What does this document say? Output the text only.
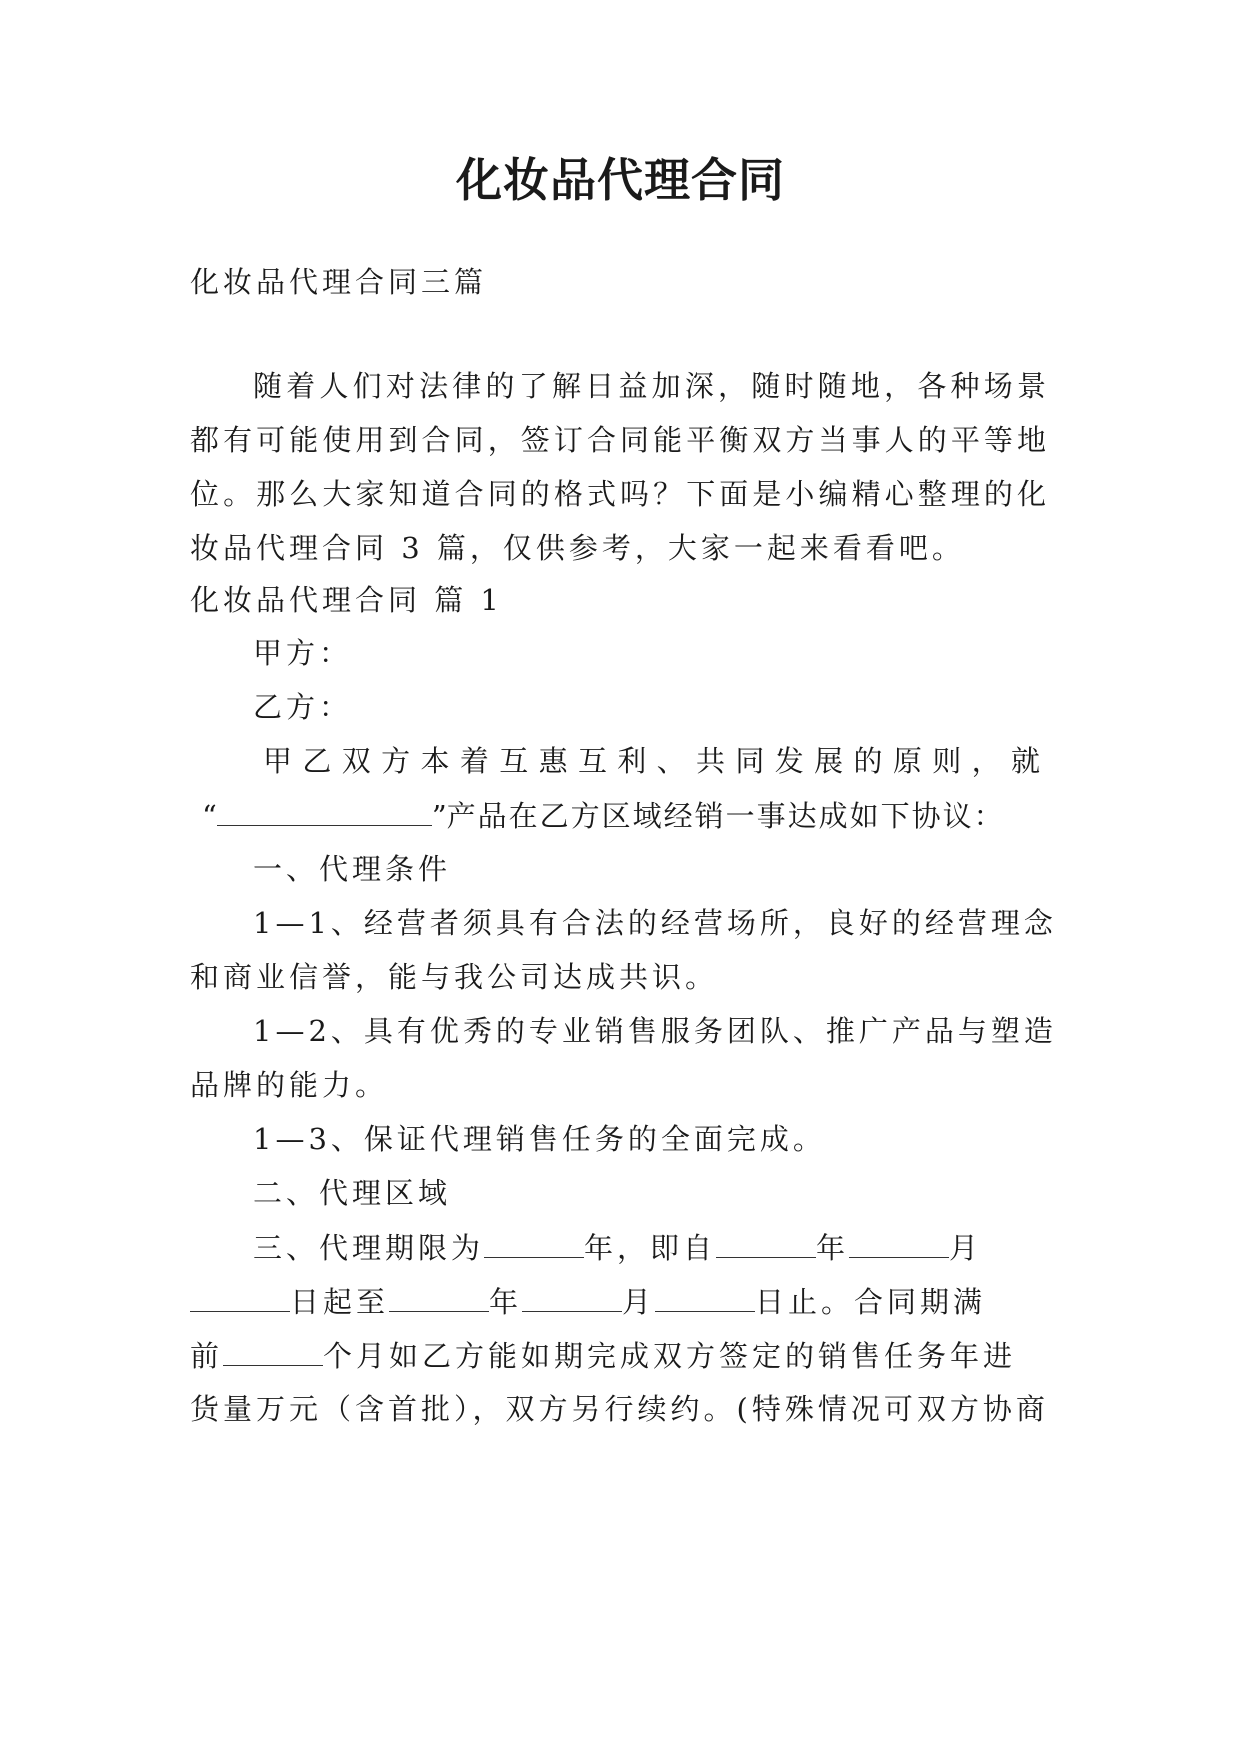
化妆品代理合同
化妆品代理合同三篇
随着人们对法律的了解日益加深，随时随地，各种场景
都有可能使用到合同，签订合同能平衡双方当事人的平等地
位。那么大家知道合同的格式吗？下面是小编精心整理的化
妆品代理合同 3 篇，仅供参考，大家一起来看看吧。
化妆品代理合同 篇 1
甲方：
乙方：
甲乙双方本着互惠互利、共同发展的原则，就
“	”产品在乙方区域经销一事达成如下协议：
一、代理条件
1—1、经营者须具有合法的经营场所，良好的经营理念
和商业信誉，能与我公司达成共识。
1—2、具有优秀的专业销售服务团队、推广产品与塑造
品牌的能力。
1—3、保证代理销售任务的全面完成。
二、代理区域
三、代理期限为	年，即自	年	月
日起至	年	月	日止。合同期满
前	个月如乙方能如期完成双方签定的销售任务年进
货量万元（含首批），双方另行续约。(特殊情况可双方协商
